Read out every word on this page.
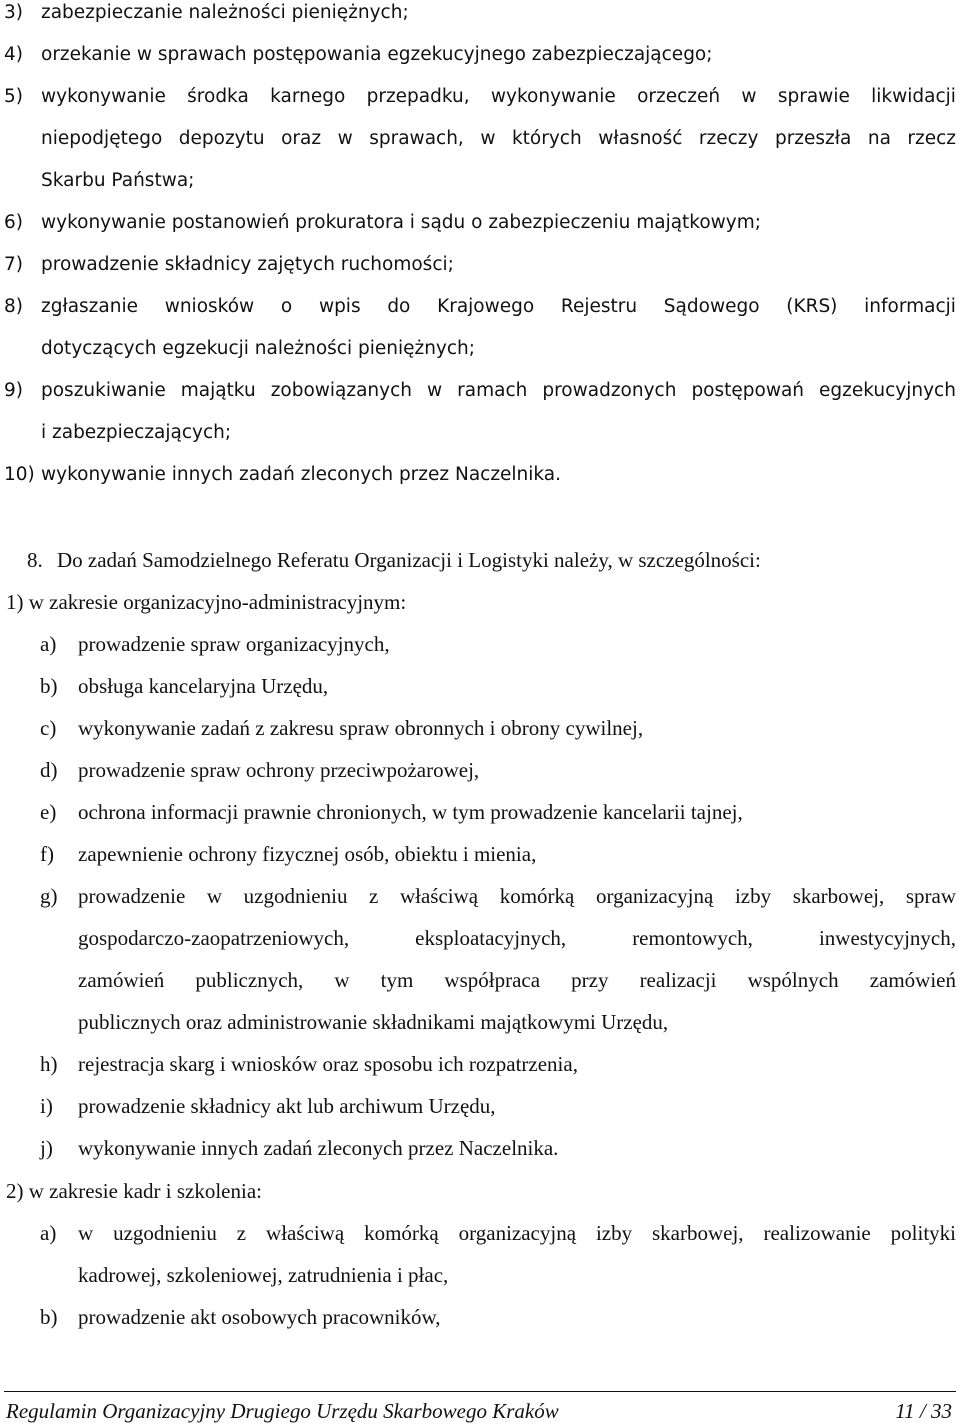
3) zabezpieczanie należności pieniężnych;
4) orzekanie w sprawach postępowania egzekucyjnego zabezpieczającego;
5) wykonywanie środka karnego przepadku, wykonywanie orzeczeń w sprawie likwidacji
niepodjętego depozytu oraz w sprawach, w których własność rzeczy przeszła na rzecz
Skarbu Państwa;
6) wykonywanie postanowień prokuratora i sądu o zabezpieczeniu majątkowym;
7) prowadzenie składnicy zajętych ruchomości;
8) zgłaszanie wniosków o wpis do Krajowego Rejestru Sądowego (KRS) informacji
dotyczących egzekucji należności pieniężnych;
9) poszukiwanie majątku zobowiązanych w ramach prowadzonych postępowań egzekucyjnych
i zabezpieczających;
10) wykonywanie innych zadań zleconych przez Naczelnika.
8. Do zadań Samodzielnego Referatu Organizacji i Logistyki należy, w szczególności:
1) w zakresie organizacyjno-administracyjnym:
a) prowadzenie spraw organizacyjnych,
b) obsługa kancelaryjna Urzędu,
c) wykonywanie zadań z zakresu spraw obronnych i obrony cywilnej,
d) prowadzenie spraw ochrony przeciwpożarowej,
e) ochrona informacji prawnie chronionych, w tym prowadzenie kancelarii tajnej,
f) zapewnienie ochrony fizycznej osób, obiektu i mienia,
g) prowadzenie w uzgodnieniu z właściwą komórką organizacyjną izby skarbowej, spraw
gospodarczo-zaopatrzeniowych,	eksploatacyjnych,	remontowych,	inwestycyjnych,
zamówień publicznych, w tym współpraca przy realizacji wspólnych zamówień
publicznych oraz administrowanie składnikami majątkowymi Urzędu,
h) rejestracja skarg i wniosków oraz sposobu ich rozpatrzenia,
i) prowadzenie składnicy akt lub archiwum Urzędu,
j) wykonywanie innych zadań zleconych przez Naczelnika.
2) w zakresie kadr i szkolenia:
a) w uzgodnieniu z właściwą komórką organizacyjną izby skarbowej, realizowanie polityki
kadrowej, szkoleniowej, zatrudnienia i płac,
b) prowadzenie akt osobowych pracowników,
Regulamin Organizacyjny Drugiego Urzędu Skarbowego Kraków	11 / 33
